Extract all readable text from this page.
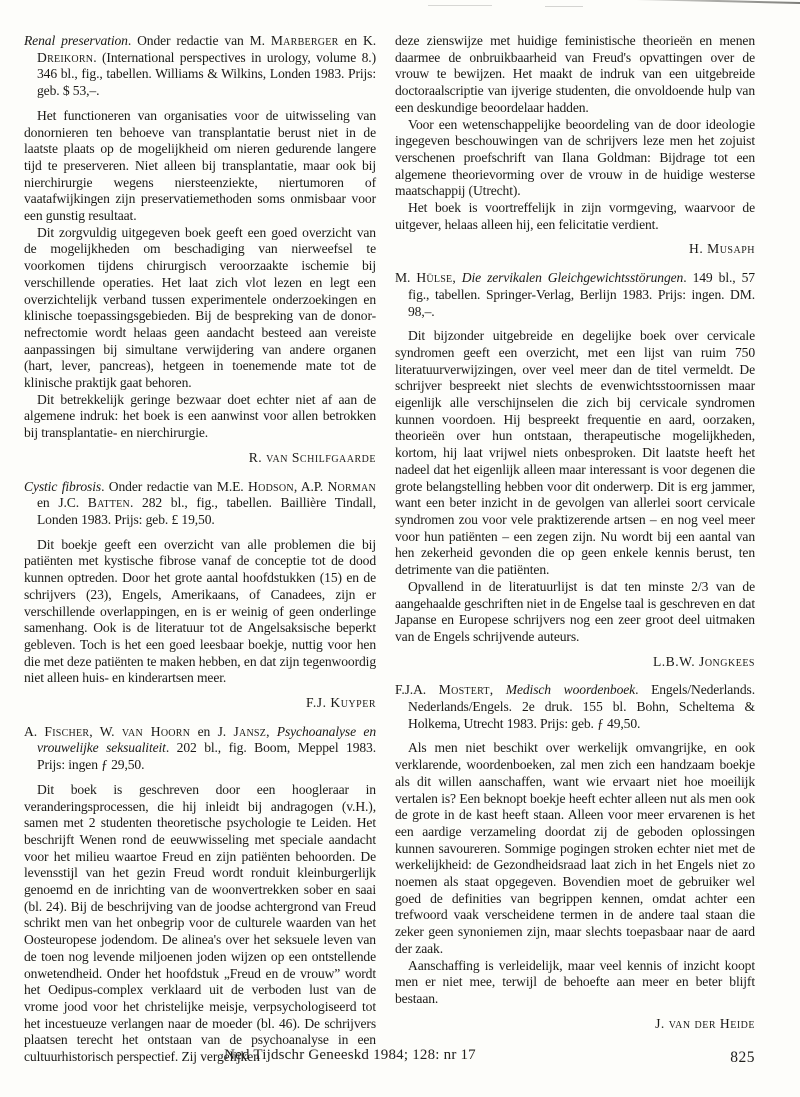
Renal preservation. Onder redactie van M. Marberger en K. Dreikorn. (International perspectives in urology, volume 8.) 346 bl., fig., tabellen. Williams & Wilkins, Londen 1983. Prijs: geb. $ 53,–.

Het functioneren van organisaties voor de uitwisseling van donornieren ten behoeve van transplantatie berust niet in de laatste plaats op de mogelijkheid om nieren gedurende langere tijd te preserveren. Niet alleen bij transplantatie, maar ook bij nierchirurgie wegens niersteenziekte, niertumoren of vaatafwijkingen zijn preservatiemethoden soms onmisbaar voor een gunstig resultaat.

Dit zorgvuldig uitgegeven boek geeft een goed overzicht van de mogelijkheden om beschadiging van nierweefsel te voorkomen tijdens chirurgisch veroorzaakte ischemie bij verschillende operaties. Het laat zich vlot lezen en legt een overzichtelijk verband tussen experimentele onderzoekingen en klinische toepassingsgebieden. Bij de bespreking van de donor-nefrectomie wordt helaas geen aandacht besteed aan vereiste aanpassingen bij simultane verwijdering van andere organen (hart, lever, pancreas), hetgeen in toenemende mate tot de klinische praktijk gaat behoren.

Dit betrekkelijk geringe bezwaar doet echter niet af aan de algemene indruk: het boek is een aanwinst voor allen betrokken bij transplantatie- en nierchirurgie.

R. van Schilfgaarde

Cystic fibrosis. Onder redactie van M.E. Hodson, A.P. Norman en J.C. Batten. 282 bl., fig., tabellen. Baillière Tindall, Londen 1983. Prijs: geb. £ 19,50.

Dit boekje geeft een overzicht van alle problemen die bij patiënten met kystische fibrose vanaf de conceptie tot de dood kunnen optreden. Door het grote aantal hoofdstukken (15) en de schrijvers (23), Engels, Amerikaans, of Canadees, zijn er verschillende overlappingen, en is er weinig of geen onderlinge samenhang. Ook is de literatuur tot de Angelsaksische beperkt gebleven. Toch is het een goed leesbaar boekje, nuttig voor hen die met deze patiënten te maken hebben, en dat zijn tegenwoordig niet alleen huis- en kinderartsen meer.

F.J. Kuyper

A. Fischer, W. van Hoorn en J. Jansz, Psychoanalyse en vrouwelijke seksualiteit. 202 bl., fig. Boom, Meppel 1983. Prijs: ingen ƒ 29,50.

Dit boek is geschreven door een hoogleraar in veranderingsprocessen, die hij inleidt bij andragogen (v.H.), samen met 2 studenten theoretische psychologie te Leiden. Het beschrijft Wenen rond de eeuwwisseling met speciale aandacht voor het milieu waartoe Freud en zijn patiënten behoorden. De levensstijl van het gezin Freud wordt ronduit kleinburgerlijk genoemd en de inrichting van de woonvertrekken sober en saai (bl. 24). Bij de beschrijving van de joodse achtergrond van Freud schrikt men van het onbegrip voor de culturele waarden van het Oosteuropese jodendom. De alinea's over het seksuele leven van de toen nog levende miljoenen joden wijzen op een ontstellende onwetendheid. Onder het hoofdstuk „Freud en de vrouw” wordt het Oedipus-complex verklaard uit de verboden lust van de vrome jood voor het christelijke meisje, verpsychologiseerd tot het incestueuze verlangen naar de moeder (bl. 46). De schrijvers plaatsen terecht het ontstaan van de psychoanalyse in een cultuurhistorisch perspectief. Zij vergelijken

deze zienswijze met huidige feministische theorieën en menen daarmee de onbruikbaarheid van Freud's opvattingen over de vrouw te bewijzen. Het maakt de indruk van een uitgebreide doctoraalscriptie van ijverige studenten, die onvoldoende hulp van een deskundige beoordelaar hadden.

Voor een wetenschappelijke beoordeling van de door ideologie ingegeven beschouwingen van de schrijvers leze men het zojuist verschenen proefschrift van Ilana Goldman: Bijdrage tot een algemene theorievorming over de vrouw in de huidige westerse maatschappij (Utrecht).

Het boek is voortreffelijk in zijn vormgeving, waarvoor de uitgever, helaas alleen hij, een felicitatie verdient.

H. Musaph

M. Hülse, Die zervikalen Gleichgewichtsstörungen. 149 bl., 57 fig., tabellen. Springer-Verlag, Berlijn 1983. Prijs: ingen. DM. 98,–.

Dit bijzonder uitgebreide en degelijke boek over cervicale syndromen geeft een overzicht, met een lijst van ruim 750 literatuurverwijzingen, over veel meer dan de titel vermeldt. De schrijver bespreekt niet slechts de evenwichtsstoornissen maar eigenlijk alle verschijnselen die zich bij cervicale syndromen kunnen voordoen. Hij bespreekt frequentie en aard, oorzaken, theorieën over hun ontstaan, therapeutische mogelijkheden, kortom, hij laat vrijwel niets onbesproken. Dit laatste heeft het nadeel dat het eigenlijk alleen maar interessant is voor degenen die grote belangstelling hebben voor dit onderwerp. Dit is erg jammer, want een beter inzicht in de gevolgen van allerlei soort cervicale syndromen zou voor vele praktizerende artsen – en nog veel meer voor hun patiënten – een zegen zijn. Nu wordt bij een aantal van hen zekerheid gevonden die op geen enkele kennis berust, ten detrimente van die patiënten.

Opvallend in de literatuurlijst is dat ten minste 2/3 van de aangehaalde geschriften niet in de Engelse taal is geschreven en dat Japanse en Europese schrijvers nog een zeer groot deel uitmaken van de Engels schrijvende auteurs.

L.B.W. Jongkees

F.J.A. Mostert, Medisch woordenboek. Engels/Nederlands. Nederlands/Engels. 2e druk. 155 bl. Bohn, Scheltema & Holkema, Utrecht 1983. Prijs: geb. ƒ 49,50.

Als men niet beschikt over werkelijk omvangrijke, en ook verklarende, woordenboeken, zal men zich een handzaam boekje als dit willen aanschaffen, want wie ervaart niet hoe moeilijk vertalen is? Een beknopt boekje heeft echter alleen nut als men ook de grote in de kast heeft staan. Alleen voor meer ervarenen is het een aardige verzameling doordat zij de geboden oplossingen kunnen savoureren. Sommige pogingen stroken echter niet met de werkelijkheid: de Gezondheidsraad laat zich in het Engels niet zo noemen als staat opgegeven. Bovendien moet de gebruiker wel goed de definities van begrippen kennen, omdat achter een trefwoord vaak verscheidene termen in de andere taal staan die zeker geen synoniemen zijn, maar slechts toepasbaar naar de aard der zaak.

Aanschaffing is verleidelijk, maar veel kennis of inzicht koopt men er niet mee, terwijl de behoefte aan meer en beter blijft bestaan.

J. van der Heide

Ned Tijdschr Geneeskd 1984; 128: nr 17	825
